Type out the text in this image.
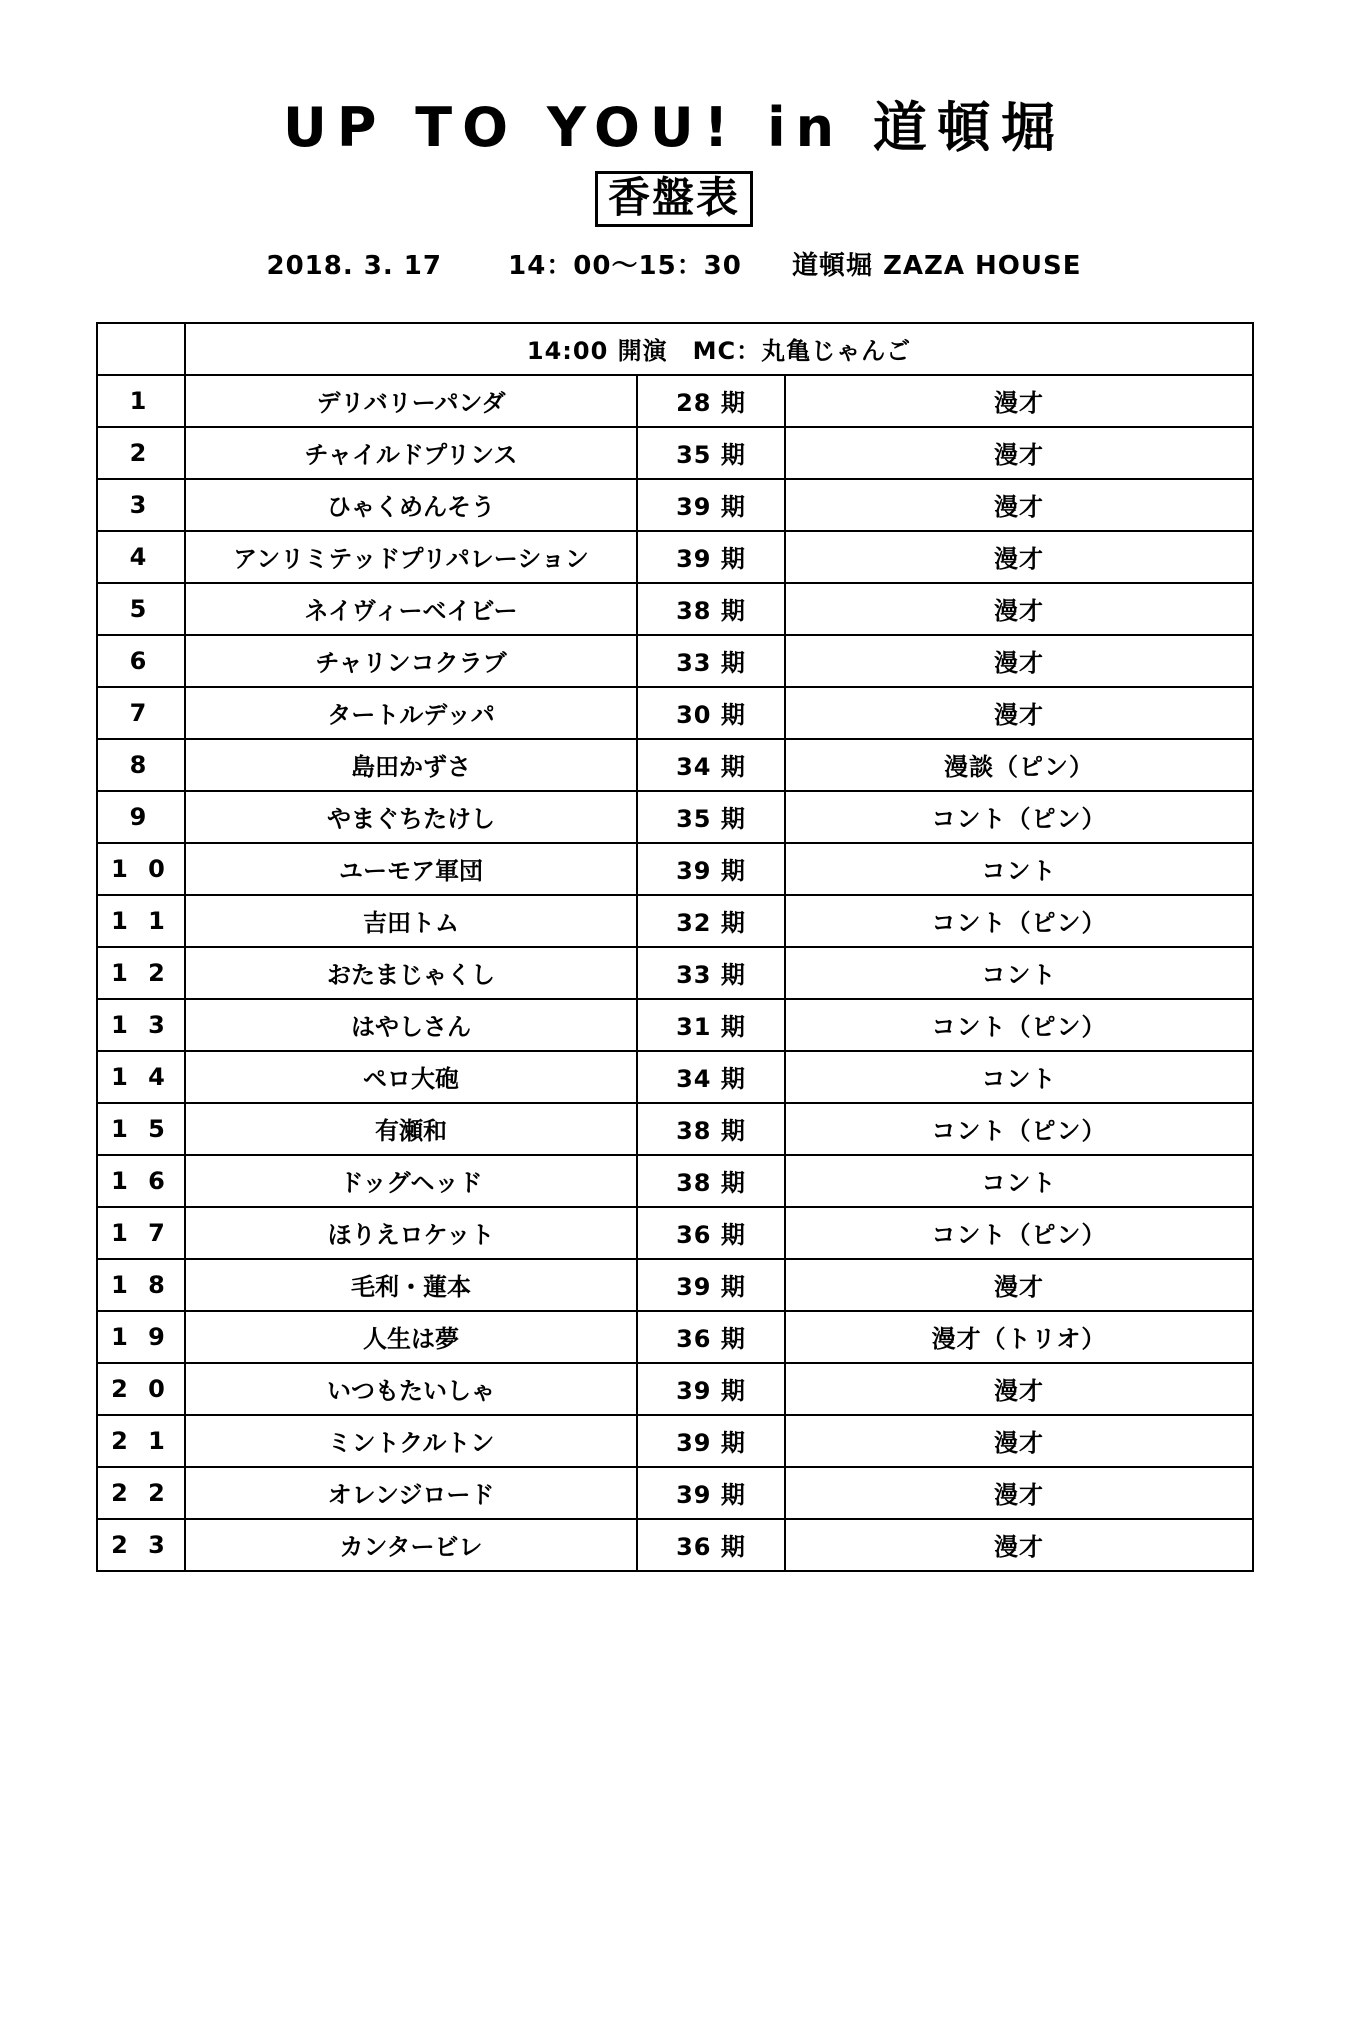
UP TO YOU! in 道頓堀
香盤表
2018. 3. 17	14：00〜15：30 道頓堀 ZAZA HOUSE
	14:00 開演　MC：丸亀じゃんご		
1	デリバリーパンダ	28 期	漫才
2	チャイルドプリンス	35 期	漫才
3	ひゃくめんそう	39 期	漫才
4	アンリミテッドプリパレーション	39 期	漫才
5	ネイヴィーベイビー	38 期	漫才
6	チャリンコクラブ	33 期	漫才
7	タートルデッパ	30 期	漫才
8	島田かずさ	34 期	漫談（ピン）
9	やまぐちたけし	35 期	コント（ピン）
1 0	ユーモア軍団	39 期	コント
1 1	吉田トム	32 期	コント（ピン）
1 2	おたまじゃくし	33 期	コント
1 3	はやしさん	31 期	コント（ピン）
1 4	ペロ大砲	34 期	コント
1 5	有瀬和	38 期	コント（ピン）
1 6	ドッグヘッド	38 期	コント
1 7	ほりえロケット	36 期	コント（ピン）
1 8	毛利・蓮本	39 期	漫才
1 9	人生は夢	36 期	漫才（トリオ）
2 0	いつもたいしゃ	39 期	漫才
2 1	ミントクルトン	39 期	漫才
2 2	オレンジロード	39 期	漫才
2 3	カンタービレ	36 期	漫才
